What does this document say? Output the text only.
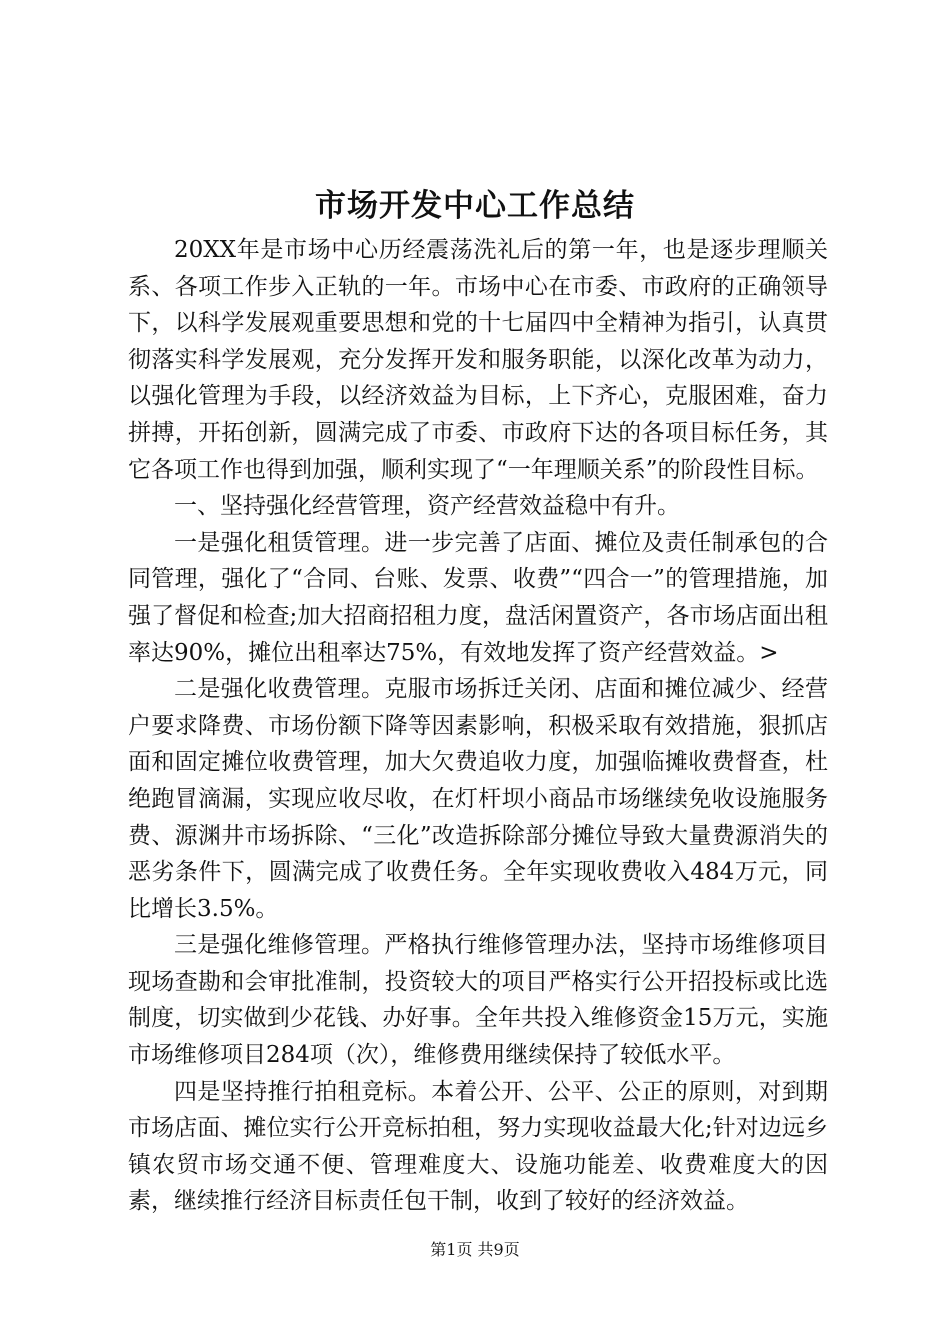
市场开发中心工作总结

20XX年是市场中心历经震荡洗礼后的第一年，也是逐步理顺关系、各项工作步入正轨的一年。市场中心在市委、市政府的正确领导下，以科学发展观重要思想和党的十七届四中全精神为指引，认真贯彻落实科学发展观，充分发挥开发和服务职能，以深化改革为动力，以强化管理为手段，以经济效益为目标，上下齐心，克服困难，奋力拼搏，开拓创新，圆满完成了市委、市政府下达的各项目标任务，其它各项工作也得到加强，顺利实现了“一年理顺关系”的阶段性目标。

一、坚持强化经营管理，资产经营效益稳中有升。

一是强化租赁管理。进一步完善了店面、摊位及责任制承包的合同管理，强化了“合同、台账、发票、收费”“四合一”的管理措施，加强了督促和检查;加大招商招租力度，盘活闲置资产，各市场店面出租率达90%，摊位出租率达75%，有效地发挥了资产经营效益。>

二是强化收费管理。克服市场拆迁关闭、店面和摊位减少、经营户要求降费、市场份额下降等因素影响，积极采取有效措施，狠抓店面和固定摊位收费管理，加大欠费追收力度，加强临摊收费督查，杜绝跑冒滴漏，实现应收尽收，在灯杆坝小商品市场继续免收设施服务费、源渊井市场拆除、“三化”改造拆除部分摊位导致大量费源消失的恶劣条件下，圆满完成了收费任务。全年实现收费收入484万元，同比增长3.5%。

三是强化维修管理。严格执行维修管理办法，坚持市场维修项目现场查勘和会审批准制，投资较大的项目严格实行公开招投标或比选制度，切实做到少花钱、办好事。全年共投入维修资金15万元，实施市场维修项目284项（次），维修费用继续保持了较低水平。

四是坚持推行拍租竞标。本着公开、公平、公正的原则，对到期市场店面、摊位实行公开竞标拍租，努力实现收益最大化;针对边远乡镇农贸市场交通不便、管理难度大、设施功能差、收费难度大的因素，继续推行经济目标责任包干制，收到了较好的经济效益。

第1页 共9页
